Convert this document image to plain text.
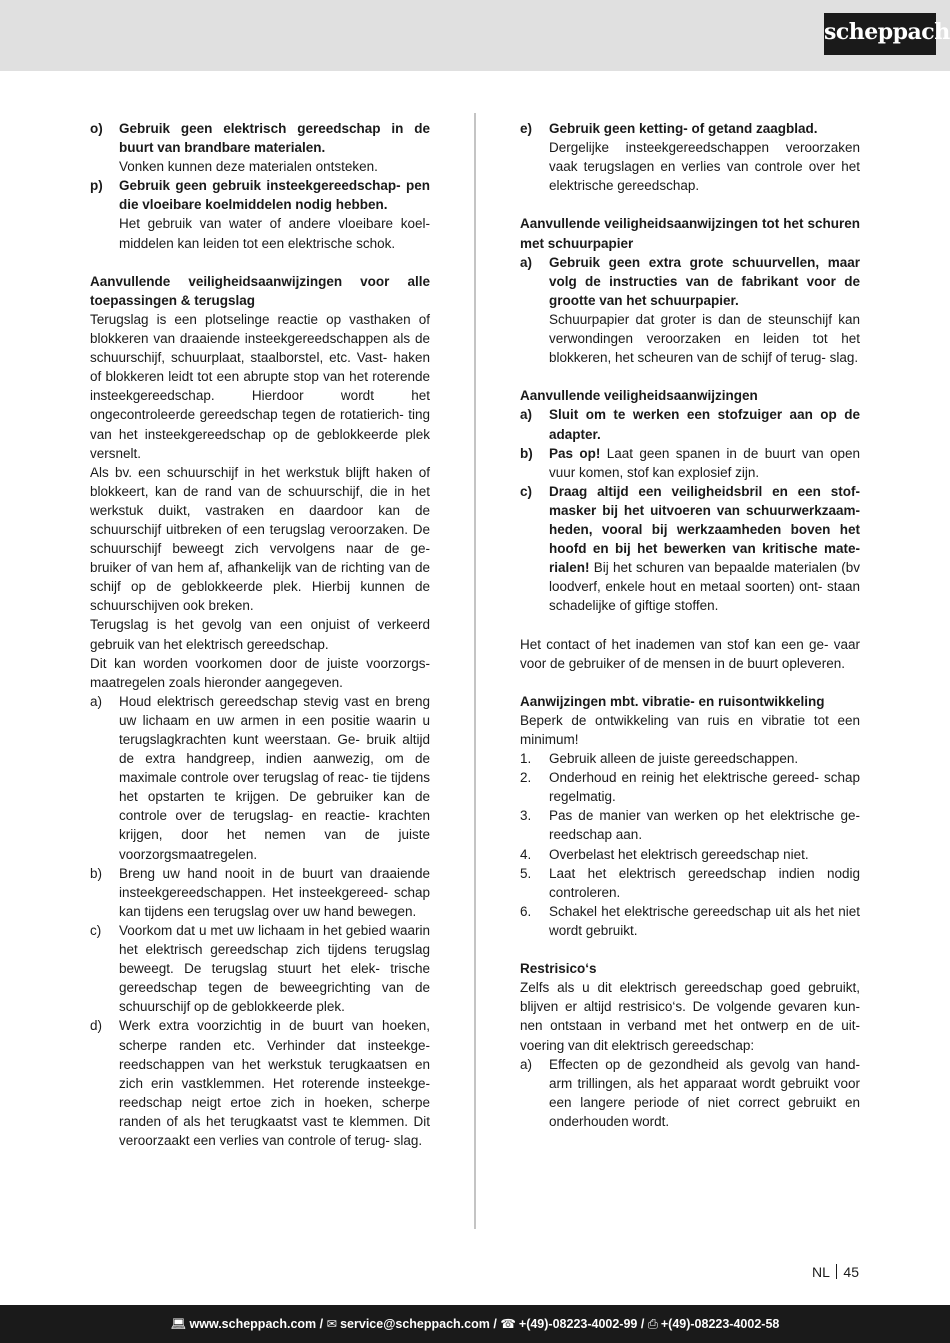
scheppach
o)	Gebruik geen elektrisch gereedschap in de buurt van brandbare materialen.

Vonken kunnen deze materialen ontsteken.

p)	Gebruik geen gebruik insteekgereedschap- pen die vloeibare koelmiddelen nodig hebben.

Het gebruik van water of andere vloeibare koel- middelen kan leiden tot een elektrische schok.

Aanvullende veiligheidsaanwijzingen voor alle toepassingen & terugslag

Terugslag is een plotselinge reactie op vasthaken of blokkeren van draaiende insteekgereedschappen als de schuurschijf, schuurplaat, staalborstel, etc. Vast- haken of blokkeren leidt tot een abrupte stop van het roterende insteekgereedschap. Hierdoor wordt het ongecontroleerde gereedschap tegen de rotatierich- ting van het insteekgereedschap op de geblokkeerde plek versnelt.

Als bv. een schuurschijf in het werkstuk blijft haken of blokkeert, kan de rand van de schuurschijf, die in het werkstuk duikt, vastraken en daardoor kan de schuurschijf uitbreken of een terugslag veroorzaken. De schuurschijf beweegt zich vervolgens naar de ge- bruiker of van hem af, afhankelijk van de richting van de schijf op de geblokkeerde plek. Hierbij kunnen de schuurschijven ook breken.

Terugslag is het gevolg van een onjuist of verkeerd gebruik van het elektrisch gereedschap.

Dit kan worden voorkomen door de juiste voorzorgs- maatregelen zoals hieronder aangegeven.

a)	Houd elektrisch gereedschap stevig vast en breng uw lichaam en uw armen in een positie waarin u terugslagkrachten kunt weerstaan. Ge- bruik altijd de extra handgreep, indien aanwezig, om de maximale controle over terugslag of reac- tie tijdens het opstarten te krijgen. De gebruiker kan de controle over de terugslag- en reactie- krachten krijgen, door het nemen van de juiste voorzorgsmaatregelen.
b)	Breng uw hand nooit in de buurt van draaiende insteekgereedschappen. Het insteekgereed- schap kan tijdens een terugslag over uw hand bewegen.
c)	Voorkom dat u met uw lichaam in het gebied waarin het elektrisch gereedschap zich tijdens terugslag beweegt. De terugslag stuurt het elek- trische gereedschap tegen de beweegrichting van de schuurschijf op de geblokkeerde plek.
d)	Werk extra voorzichtig in de buurt van hoeken, scherpe randen etc. Verhinder dat insteekge- reedschappen van het werkstuk terugkaatsen en zich erin vastklemmen. Het roterende insteekge- reedschap neigt ertoe zich in hoeken, scherpe randen of als het terugkaatst vast te klemmen. Dit veroorzaakt een verlies van controle of terug- slag.
e)	Gebruik geen ketting- of getand zaagblad.

Dergelijke insteekgereedschappen veroorzaken vaak terugslagen en verlies van controle over het elektrische gereedschap.

Aanvullende veiligheidsaanwijzingen tot het schuren met schuurpapier

a)	Gebruik geen extra grote schuurvellen, maar volg de instructies van de fabrikant voor de grootte van het schuurpapier.

Schuurpapier dat groter is dan de steunschijf kan verwondingen veroorzaken en leiden tot het blokkeren, het scheuren van de schijf of terug- slag.

Aanvullende veiligheidsaanwijzingen

a)	Sluit om te werken een stofzuiger aan op de adapter.
b)	Pas op! Laat geen spanen in de buurt van open vuur komen, stof kan explosief zijn.
c)	Draag altijd een veiligheidsbril en een stof- masker bij het uitvoeren van schuurwerkzaam- heden, vooral bij werkzaamheden boven het hoofd en bij het bewerken van kritische mate- rialen! Bij het schuren van bepaalde materialen (bv loodverf, enkele hout en metaal soorten) ont- staan schadelijke of giftige stoffen.

Het contact of het inademen van stof kan een ge- vaar voor de gebruiker of de mensen in de buurt opleveren.

Aanwijzingen mbt. vibratie- en ruisontwikkeling

Beperk de ontwikkeling van ruis en vibratie tot een minimum!

1.	Gebruik alleen de juiste gereedschappen.
2.	Onderhoud en reinig het elektrische gereed- schap regelmatig.
3.	Pas de manier van werken op het elektrische ge- reedschap aan.
4.	Overbelast het elektrisch gereedschap niet.
5.	Laat het elektrisch gereedschap indien nodig controleren.
6.	Schakel het elektrische gereedschap uit als het niet wordt gebruikt.

Restrisico‘s

Zelfs als u dit elektrisch gereedschap goed gebruikt, blijven er altijd restrisico‘s. De volgende gevaren kun- nen ontstaan in verband met het ontwerp en de uit- voering van dit elektrisch gereedschap:

a)	Effecten op de gezondheid als gevolg van hand- arm trillingen, als het apparaat wordt gebruikt voor een langere periode of niet correct gebruikt en onderhouden wordt.
NL 45
💻︎ www.scheppach.com / ✉︎ service@scheppach.com / ☎︎ +(49)-08223-4002-99 / ⎙ +(49)-08223-4002-58
